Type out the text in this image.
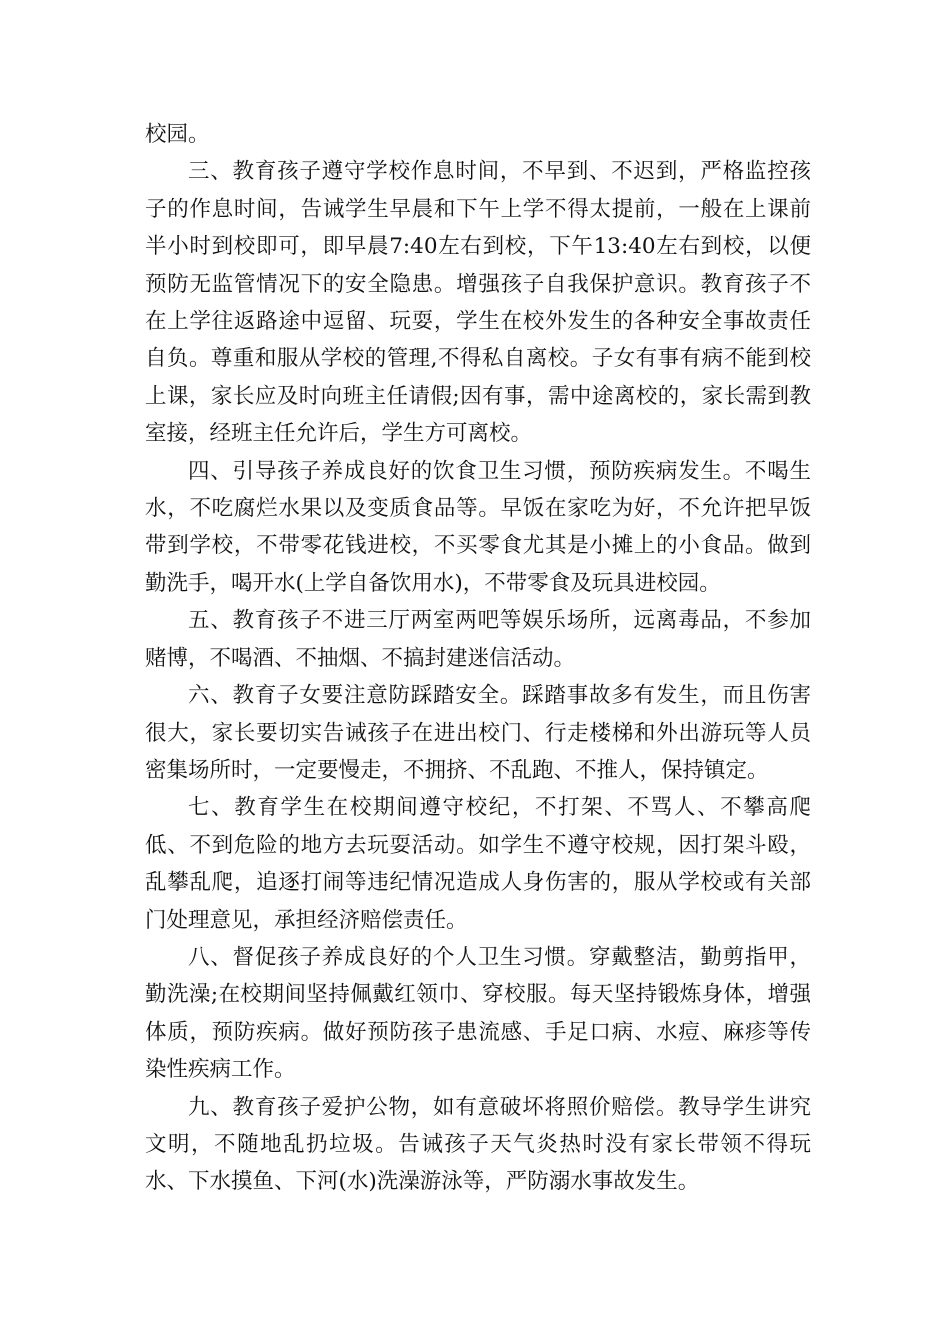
校园。

三、教育孩子遵守学校作息时间，不早到、不迟到，严格监控孩子的作息时间，告诫学生早晨和下午上学不得太提前，一般在上课前半小时到校即可，即早晨7:40左右到校，下午13:40左右到校，以便预防无监管情况下的安全隐患。增强孩子自我保护意识。教育孩子不在上学往返路途中逗留、玩耍，学生在校外发生的各种安全事故责任自负。尊重和服从学校的管理,不得私自离校。子女有事有病不能到校上课，家长应及时向班主任请假;因有事，需中途离校的，家长需到教室接，经班主任允许后，学生方可离校。

四、引导孩子养成良好的饮食卫生习惯，预防疾病发生。不喝生水，不吃腐烂水果以及变质食品等。早饭在家吃为好，不允许把早饭带到学校，不带零花钱进校，不买零食尤其是小摊上的小食品。做到勤洗手，喝开水(上学自备饮用水)，不带零食及玩具进校园。

五、教育孩子不进三厅两室两吧等娱乐场所，远离毒品，不参加赌博，不喝酒、不抽烟、不搞封建迷信活动。

六、教育子女要注意防踩踏安全。踩踏事故多有发生，而且伤害很大，家长要切实告诫孩子在进出校门、行走楼梯和外出游玩等人员密集场所时，一定要慢走，不拥挤、不乱跑、不推人，保持镇定。

七、教育学生在校期间遵守校纪，不打架、不骂人、不攀高爬低、不到危险的地方去玩耍活动。如学生不遵守校规，因打架斗殴，乱攀乱爬，追逐打闹等违纪情况造成人身伤害的，服从学校或有关部门处理意见，承担经济赔偿责任。

八、督促孩子养成良好的个人卫生习惯。穿戴整洁，勤剪指甲，勤洗澡;在校期间坚持佩戴红领巾、穿校服。每天坚持锻炼身体，增强体质，预防疾病。做好预防孩子患流感、手足口病、水痘、麻疹等传染性疾病工作。

九、教育孩子爱护公物，如有意破坏将照价赔偿。教导学生讲究文明，不随地乱扔垃圾。告诫孩子天气炎热时没有家长带领不得玩水、下水摸鱼、下河(水)洗澡游泳等，严防溺水事故发生。
